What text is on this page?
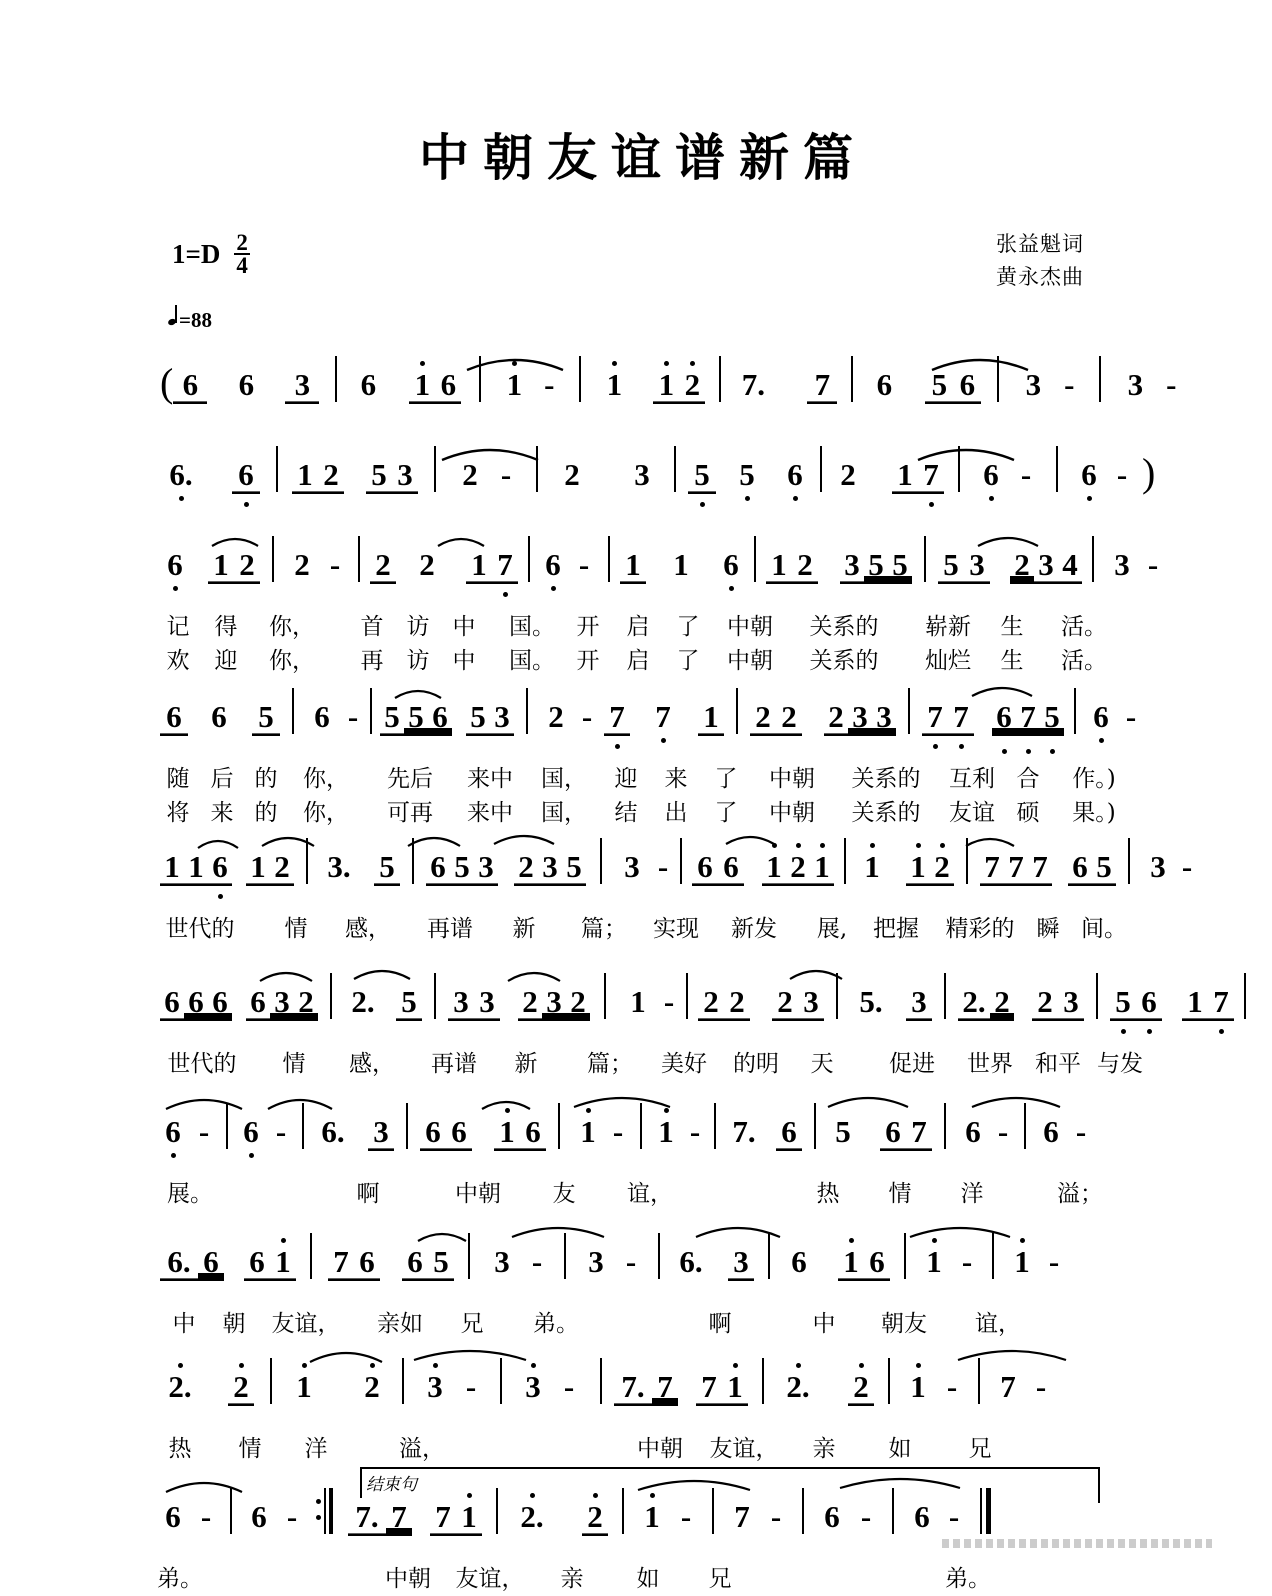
中朝友谊谱新篇
$1=D \frac{2}{4}$	张益魁词
黄永杰曲
=88
( 6 6 3 6 1 6 1 - 1 1 2 7. 7 6 5 6 3 - 3 -
6. 6 1 2 5 3 2 - 2 3 5 5 6 2 1 7 6 - 6 - )
6 1 2 2 - 2 2 1 7 6 - 1 1 6 1 2 3 5 5 5 3 2 3 4 3 -
记 得 你， 首 访 中 国。 开 启 了 中朝 关系的 崭新 生 活。
欢 迎 你， 再 访 中 国。 开 启 了 中朝 关系的 灿烂 生 活。
6 6 5 6 - 5 5 6 5 3 2 - 7 7 1 2 2 2 3 3 7 7 6 7 5 6 -
随 后 的 你， 先后 来中 国， 迎 来 了 中朝 关系的 互利 合 作。)
将 来 的 你， 可再 来中 国， 结 出 了 中朝 关系的 友谊 硕 果。)
1 1 6 1 2 3. 5 6 5 3 2 3 5 3 - 6 6 1 2 1 1 1 2 7 7 7 6 5 3 -
世代的 情 感， 再谱 新 篇； 实现 新发 展, 把握 精彩的 瞬 间。
6 6 6 6 3 2 2. 5 3 3 2 3 2 1 - 2 2 2 3 5. 3 2. 2 2 3 5 6 1 7
世代的 情 感， 再谱 新 篇； 美好 的明 天 促进 世界 和平 与发
6 - 6 - 6. 3 6 6 1 6 1 - 1 - 7. 6 5 6 7 6 - 6 -
展。	啊	中朝 友 谊，	热 情 洋	溢；
6. 6 6 1 7 6 6 5 3 - 3 - 6. 3 6 1 6 1 - 1 -
中 朝 友谊， 亲如 兄 弟。	啊	中 朝友 谊，
2. 2 1 2 3 - 3 - 7. 7 7 1 2. 2 1 - 7 -
热 情 洋	溢，	中朝 友谊， 亲 如 兄
6 - 6 - 7. 7 7 1 2. 2 1 - 7 - 6 - 6 -
弟。	中朝 友谊， 亲 如 兄	弟。
结束句
